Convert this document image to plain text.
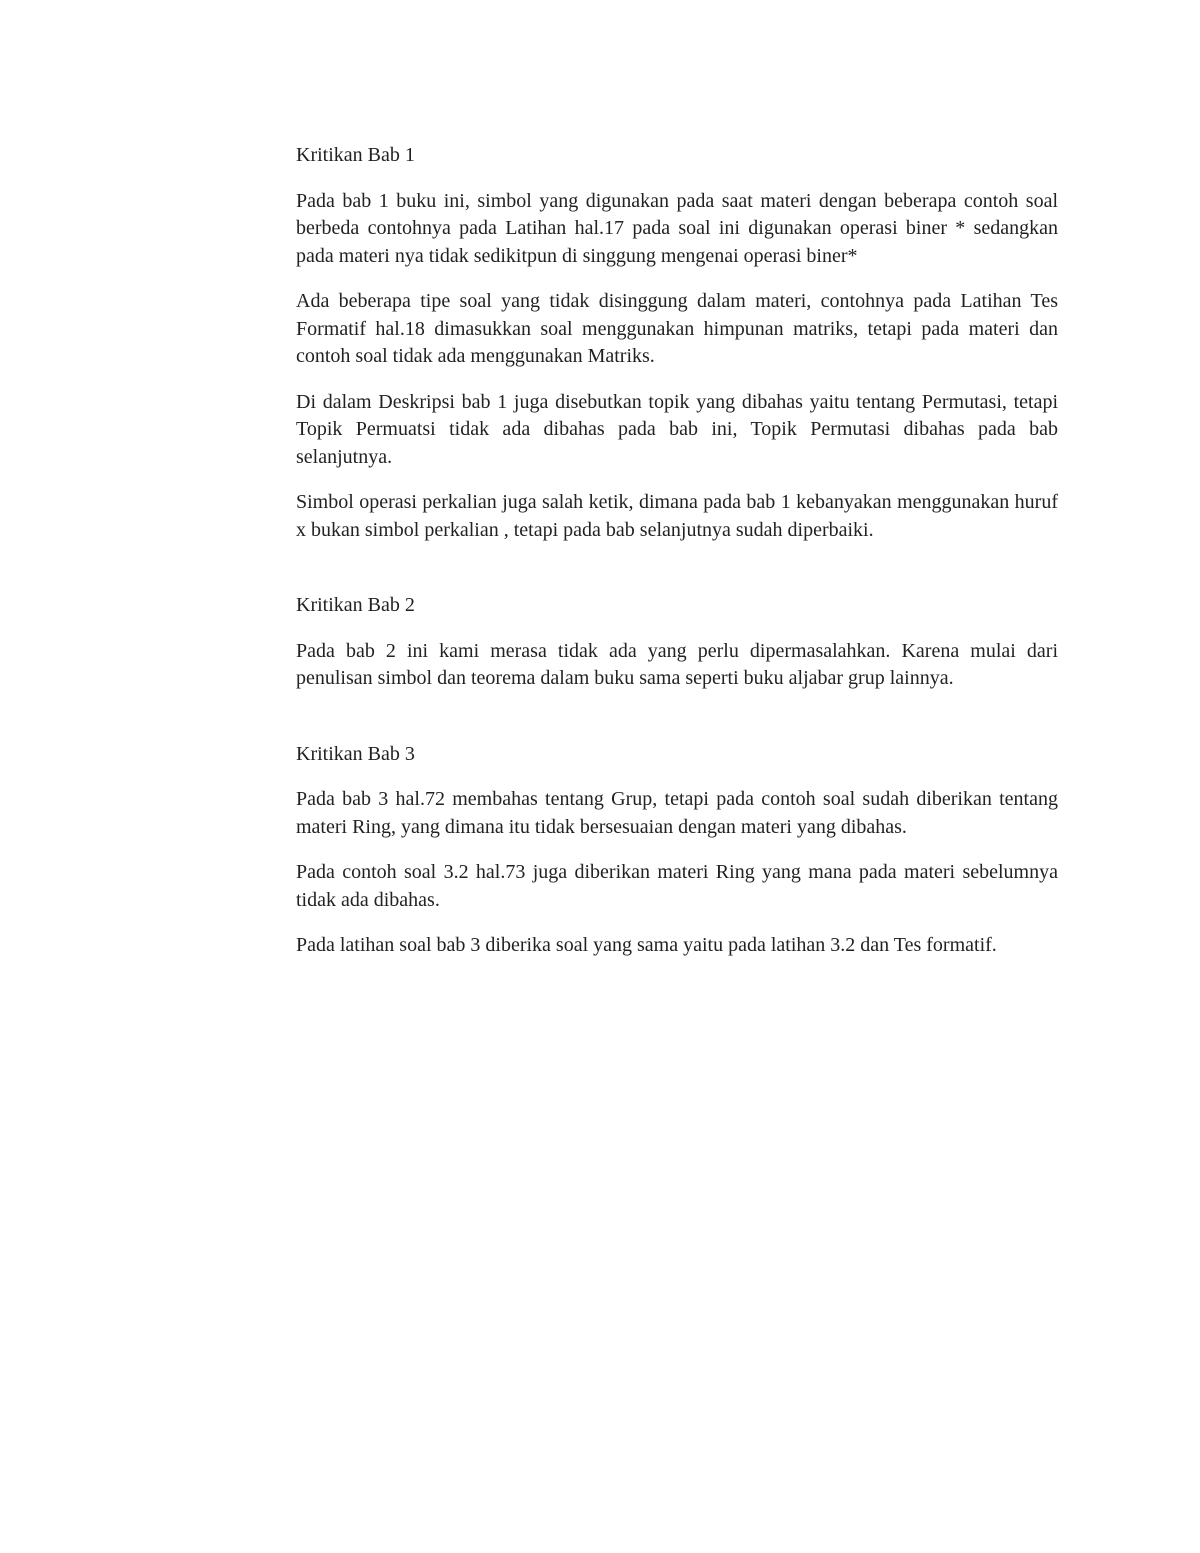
Kritikan Bab 1

Pada bab 1 buku ini, simbol yang digunakan pada saat materi dengan beberapa contoh soal berbeda contohnya pada Latihan hal.17 pada soal ini digunakan operasi biner * sedangkan pada materi nya tidak sedikitpun di singgung mengenai operasi biner*

Ada beberapa tipe soal yang tidak disinggung dalam materi, contohnya pada Latihan Tes Formatif hal.18 dimasukkan soal menggunakan himpunan matriks, tetapi pada materi dan contoh soal tidak ada menggunakan Matriks.

Di dalam Deskripsi bab 1 juga disebutkan topik yang dibahas yaitu tentang Permutasi, tetapi Topik Permuatsi tidak ada dibahas pada bab ini, Topik Permutasi dibahas pada bab selanjutnya.

Simbol operasi perkalian juga salah ketik, dimana pada bab 1 kebanyakan menggunakan huruf x bukan simbol perkalian , tetapi pada bab selanjutnya sudah diperbaiki.

Kritikan Bab 2

Pada bab 2 ini kami merasa tidak ada yang perlu dipermasalahkan. Karena mulai dari penulisan simbol dan teorema dalam buku sama seperti buku aljabar grup lainnya.

Kritikan Bab 3

Pada bab 3 hal.72 membahas tentang Grup, tetapi pada contoh soal sudah diberikan tentang materi Ring, yang dimana itu tidak bersesuaian dengan materi yang dibahas.

Pada contoh soal 3.2 hal.73 juga diberikan materi Ring yang mana pada materi sebelumnya tidak ada dibahas.

Pada latihan soal bab 3 diberika soal yang sama yaitu pada latihan 3.2 dan Tes formatif.
